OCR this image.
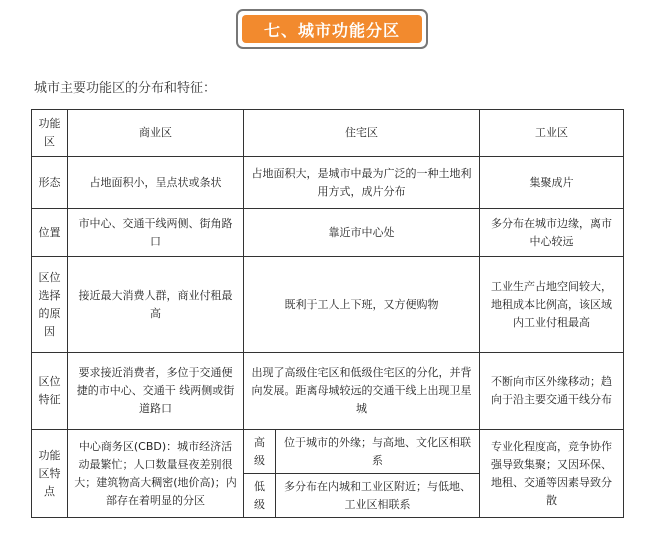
七、城市功能分区
城市主要功能区的分布和特征：
功能区	商业区	住宅区		工业区
形态	占地面积小，呈点状或条状	占地面积大，是城市中最为广泛的一种土地利用方式，成片分布		集聚成片
位置	市中心、交通干线两侧、街角路口	靠近市中心处		多分布在城市边缘，离市中心较远
区位选择的原因	接近最大消费人群，商业付租最高	既利于工人上下班，又方便购物		工业生产占地空间较大，地租成本比例高，该区域内工业付租最高
区位特征	要求接近消费者，多位于交通便捷的市中心、交通干 线两侧或街道路口	出现了高级住宅区和低级住宅区的分化，并背向发展。距离母城较远的交通干线上出现卫星城		不断向市区外缘移动；趋向于沿主要交通干线分布
功能区特点	中心商务区(CBD)：城市经济活动最繁忙；人口数量昼夜差别很大；建筑物高大稠密(地价高)；内部存在着明显的分区	高级	位于城市的外缘；与高地、文化区相联系	专业化程度高，竞争协作强导致集聚；又因环保、地租、交通等因素导致分散
		低级	多分布在内城和工业区附近；与低地、工业区相联系	
